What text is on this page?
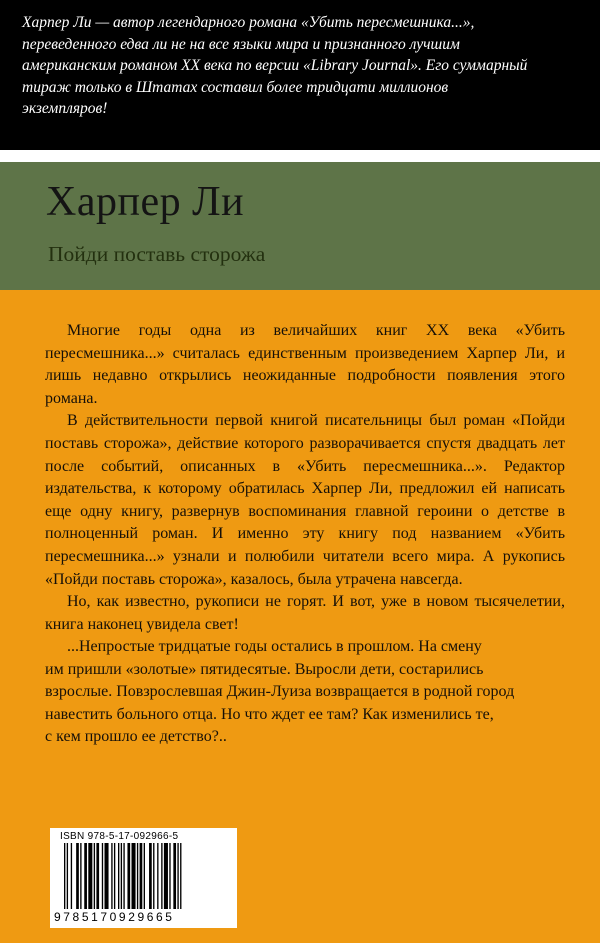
Харпер Ли — автор легендарного романа «Убить пересмешника...»,
переведенного едва ли не на все языки мира и признанного лучшим
американским романом XX века по версии «Library Journal». Его суммарный
тираж только в Штатах составил более тридцати миллионов
экземпляров!

Харпер Ли
Пойди поставь сторожа

Многие годы одна из величайших книг XX века «Убить пересмешника...» считалась единственным произведением Харпер Ли, и лишь недавно открылись неожиданные подробности появления этого романа.

В действительности первой книгой писательницы был роман «Пойди поставь сторожа», действие которого разворачивается спустя двадцать лет после событий, описанных в «Убить пересмешника...». Редактор издательства, к которому обратилась Харпер Ли, предложил ей написать еще одну книгу, развернув воспоминания главной героини о детстве в полноценный роман. И именно эту книгу под названием «Убить пересмешника...» узнали и полюбили читатели всего мира. А рукопись «Пойди поставь сторожа», казалось, была утрачена навсегда.

Но, как известно, рукописи не горят. И вот, уже в новом тысячелетии, книга наконец увидела свет!

...Непростые тридцатые годы остались в прошлом. На смену
им пришли «золотые» пятидесятые. Выросли дети, состарились
взрослые. Повзрослевшая Джин-Луиза возвращается в родной город
навестить больного отца. Но что ждет ее там? Как изменились те,
с кем прошло ее детство?..

ISBN 978-5-17-092966-5
9785170929665
